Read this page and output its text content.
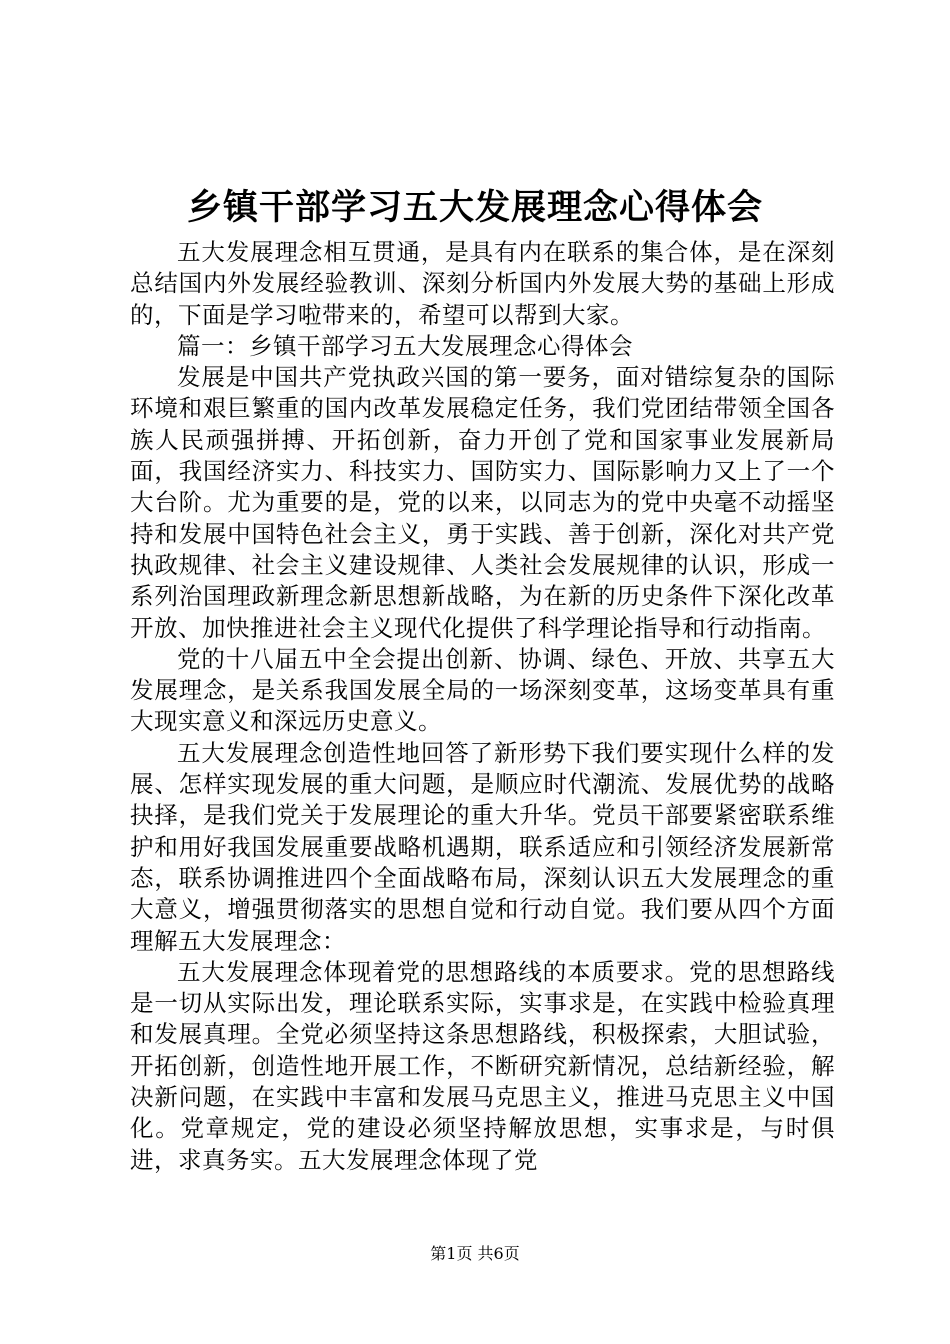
乡镇干部学习五大发展理念心得体会

五大发展理念相互贯通，是具有内在联系的集合体，是在深刻总结国内外发展经验教训、深刻分析国内外发展大势的基础上形成的，下面是学习啦带来的，希望可以帮到大家。

篇一：乡镇干部学习五大发展理念心得体会

发展是中国共产党执政兴国的第一要务，面对错综复杂的国际环境和艰巨繁重的国内改革发展稳定任务，我们党团结带领全国各族人民顽强拼搏、开拓创新，奋力开创了党和国家事业发展新局面，我国经济实力、科技实力、国防实力、国际影响力又上了一个大台阶。尤为重要的是，党的以来，以同志为的党中央毫不动摇坚持和发展中国特色社会主义，勇于实践、善于创新，深化对共产党执政规律、社会主义建设规律、人类社会发展规律的认识，形成一系列治国理政新理念新思想新战略，为在新的历史条件下深化改革开放、加快推进社会主义现代化提供了科学理论指导和行动指南。

党的十八届五中全会提出创新、协调、绿色、开放、共享五大发展理念，是关系我国发展全局的一场深刻变革，这场变革具有重大现实意义和深远历史意义。

五大发展理念创造性地回答了新形势下我们要实现什么样的发展、怎样实现发展的重大问题，是顺应时代潮流、发展优势的战略抉择，是我们党关于发展理论的重大升华。党员干部要紧密联系维护和用好我国发展重要战略机遇期，联系适应和引领经济发展新常态，联系协调推进四个全面战略布局，深刻认识五大发展理念的重大意义，增强贯彻落实的思想自觉和行动自觉。我们要从四个方面理解五大发展理念：

五大发展理念体现着党的思想路线的本质要求。党的思想路线是一切从实际出发，理论联系实际，实事求是，在实践中检验真理和发展真理。全党必须坚持这条思想路线，积极探索，大胆试验，开拓创新，创造性地开展工作，不断研究新情况，总结新经验，解决新问题，在实践中丰富和发展马克思主义，推进马克思主义中国化。党章规定，党的建设必须坚持解放思想，实事求是，与时俱进，求真务实。五大发展理念体现了党

第1页 共6页
